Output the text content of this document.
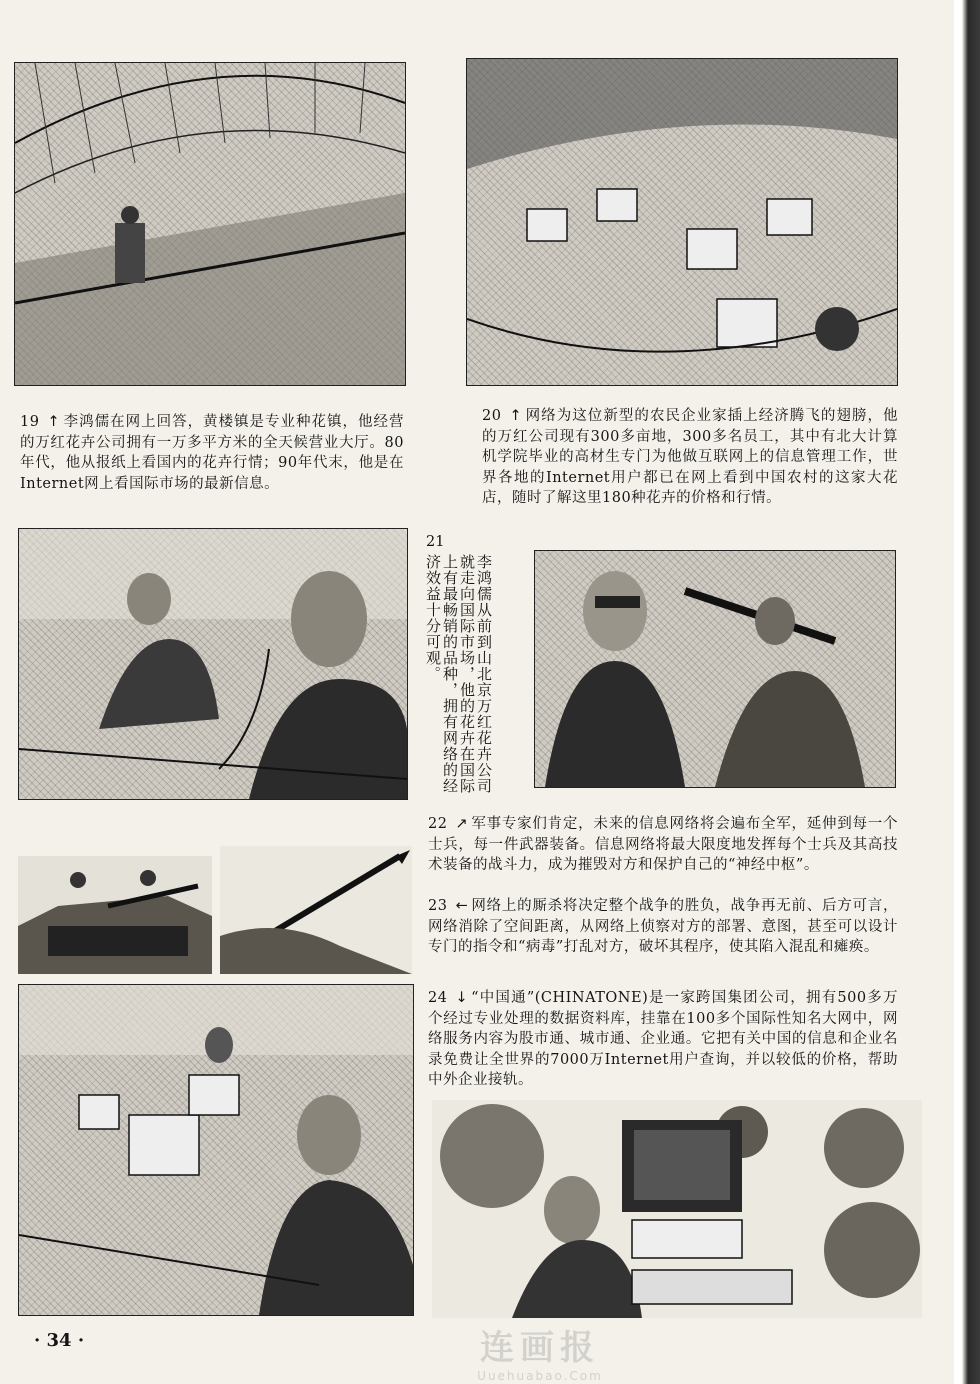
19 ↑ 李鸿儒在网上回答，黄楼镇是专业种花镇，他经营的万红花卉公司拥有一万多平方米的全天候营业大厅。80年代，他从报纸上看国内的花卉行情；90年代末，他是在Internet网上看国际市场的最新信息。
20 ↑ 网络为这位新型的农民企业家插上经济腾飞的翅膀，他的万红公司现有300多亩地，300多名员工，其中有北大计算机学院毕业的高材生专门为他做互联网上的信息管理工作，世界各地的Internet用户都已在网上看到中国农村的这家大花店，随时了解这里180种花卉的价格和行情。
21
李鸿儒从前到山北京万红花卉公司就走向国际市场，他的花卉在国际上有最畅销的品种，拥有网络的经济效益十分可观。
22 ↗ 军事专家们肯定，未来的信息网络将会遍布全军，延伸到每一个士兵，每一件武器装备。信息网络将最大限度地发挥每个士兵及其高技术装备的战斗力，成为摧毁对方和保护自己的“神经中枢”。
23 ← 网络上的厮杀将决定整个战争的胜负，战争再无前、后方可言，网络消除了空间距离，从网络上侦察对方的部署、意图，甚至可以设计专门的指令和“病毒”打乱对方，破坏其程序，使其陷入混乱和瘫痪。
24 ↓ “中国通”(CHINATONE)是一家跨国集团公司，拥有500多万个经过专业处理的数据资料库，挂靠在100多个国际性知名大网中，网络服务内容为股市通、城市通、企业通。它把有关中国的信息和企业名录免费让全世界的7000万Internet用户查询，并以较低的价格，帮助中外企业接轨。
· 34 ·	连画报
Uuehuabao.Com
